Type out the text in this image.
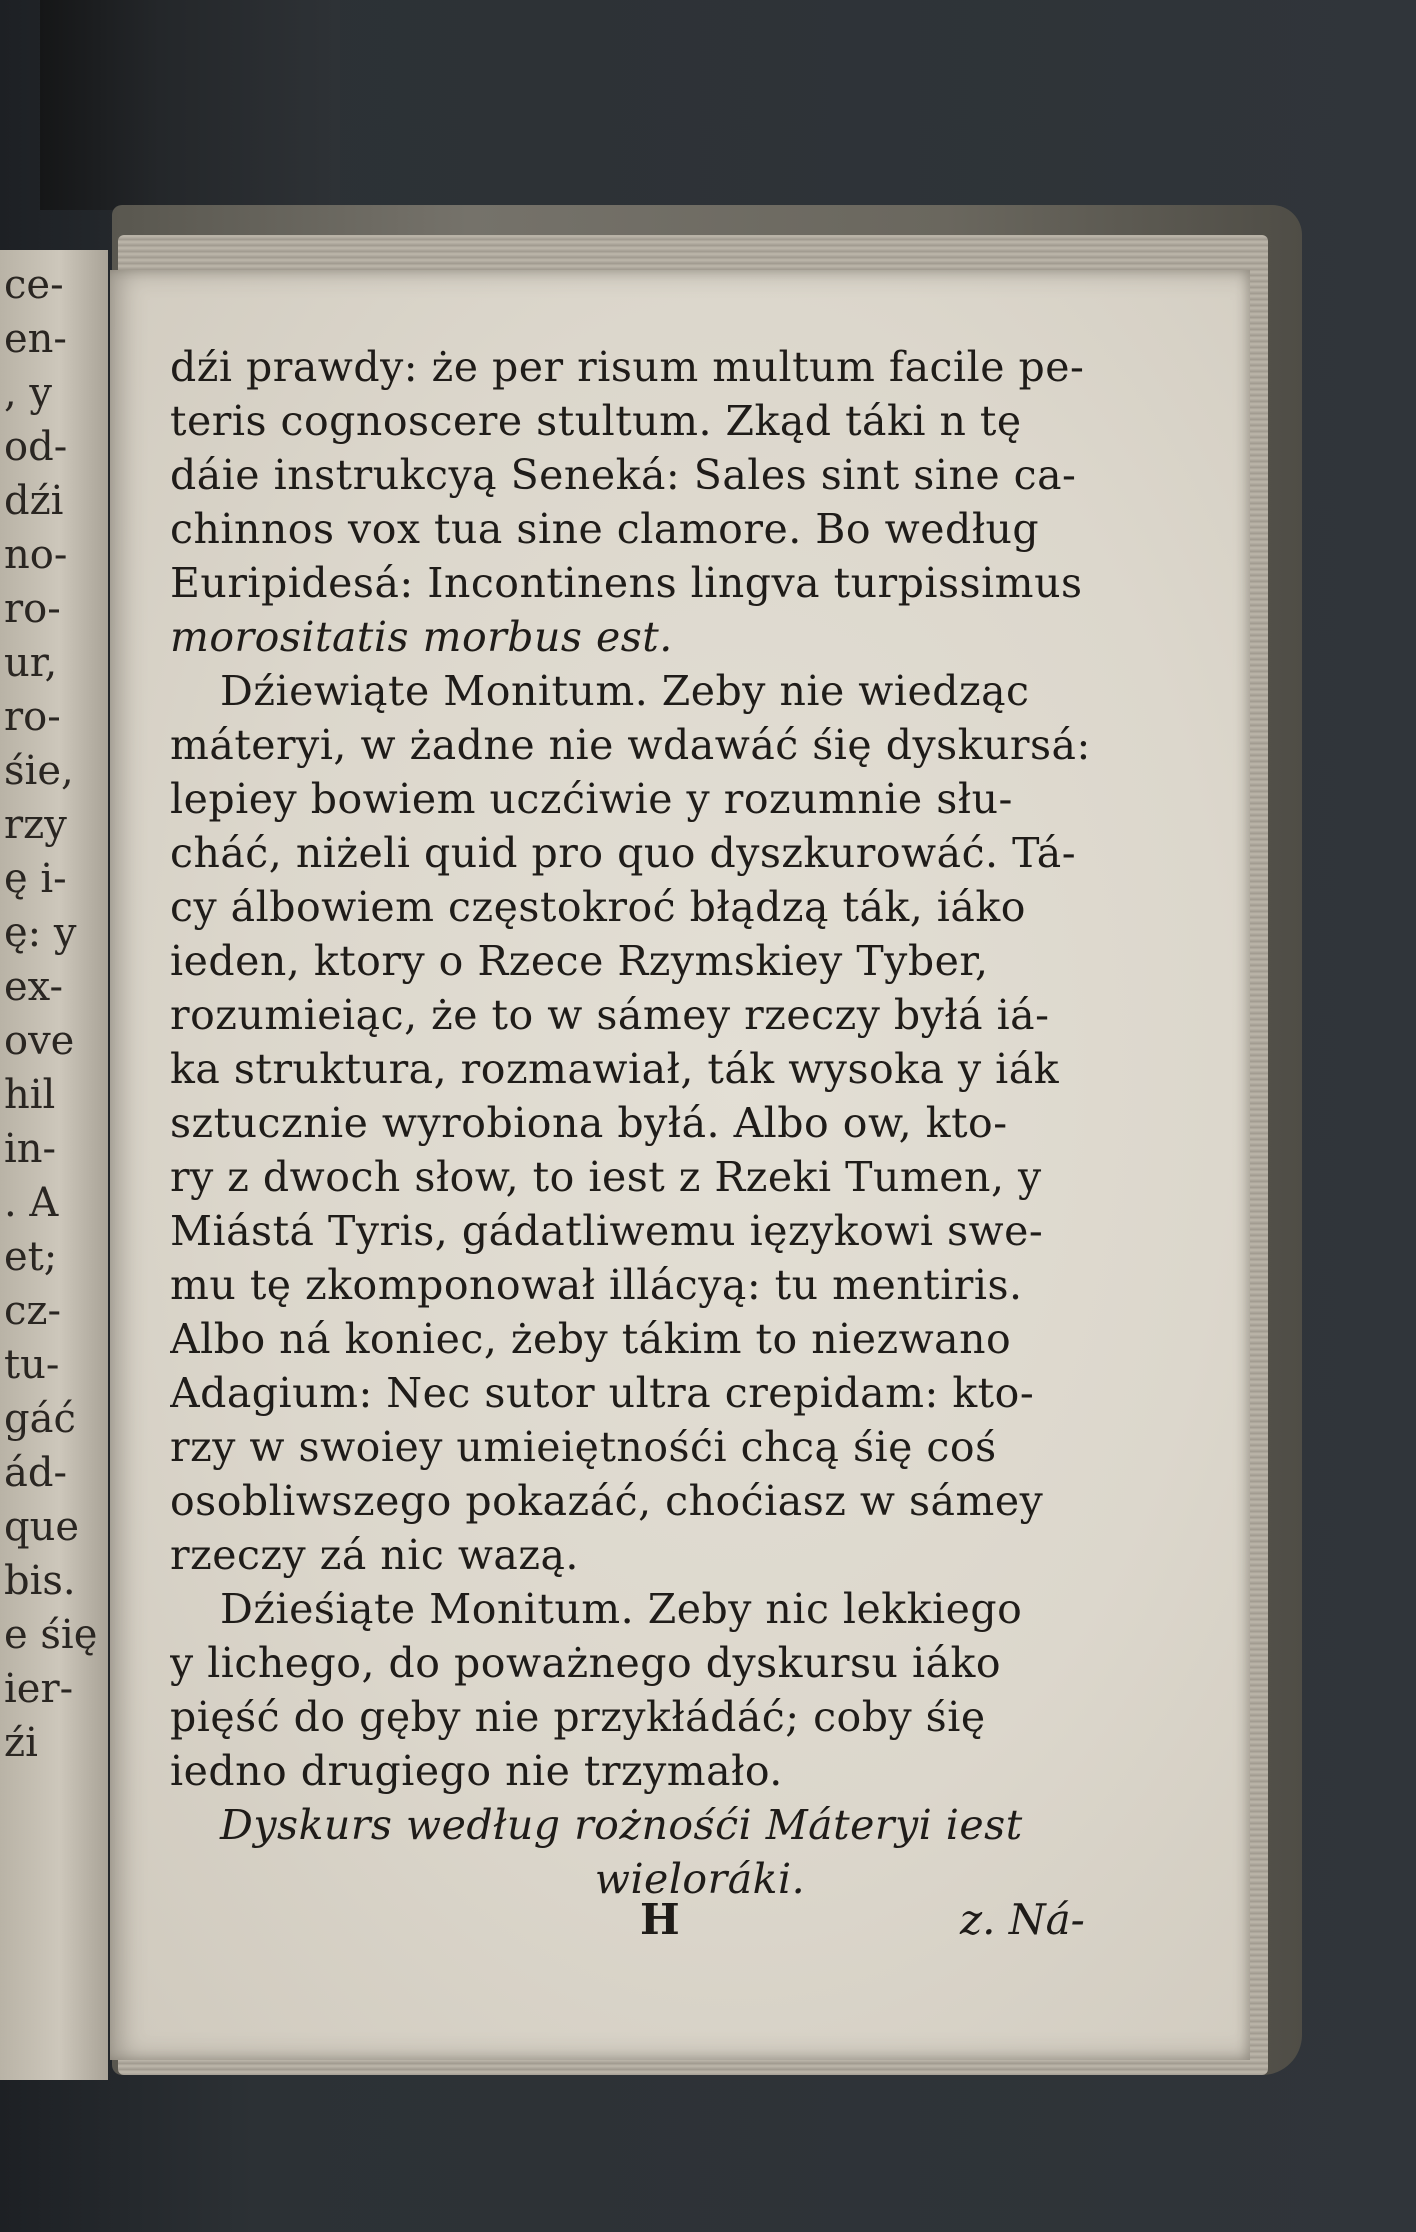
ce-
en-
, y
od-
dźi
no-
ro-
ur,
ro-
śie,
rzy
ę i-
ę: y
ex-
ove
hil
in-
. A
et;
cz-
tu-
gáć
ád-
que
bis.
e śię
ier-
źi
dźi prawdy: że per risum multum facile pe-
teris cognoscere stultum. Zkąd táki n tę
dáie instrukcyą Seneká: Sales sint sine ca-
chinnos vox tua sine clamore. Bo według
Euripidesá: Incontinens lingva turpissimus
morositatis morbus est.
Dźiewiąte Monitum. Zeby nie wiedząc
máteryi, w żadne nie wdawáć śię dyskursá:
lepiey bowiem uczćiwie y rozumnie słu-
cháć, niżeli quid pro quo dyszkurowáć. Tá-
cy álbowiem częstokroć błądzą ták, iáko
ieden, ktory o Rzece Rzymskiey Tyber,
rozumieiąc, że to w sámey rzeczy byłá iá-
ka struktura, rozmawiał, ták wysoka y iák
sztucznie wyrobiona byłá. Albo ow, kto-
ry z dwoch słow, to iest z Rzeki Tumen, y
Miástá Tyris, gádatliwemu ięzykowi swe-
mu tę zkomponował illácyą: tu mentiris.
Albo ná koniec, żeby tákim to niezwano
Adagium: Nec sutor ultra crepidam: kto-
rzy w swoiey umieiętnośći chcą śię coś
osobliwszego pokazáć, choćiasz w sámey
rzeczy zá nic wazą.
Dźieśiąte Monitum. Zeby nic lekkiego
y lichego, do poważnego dyskursu iáko
pięść do gęby nie przykłádáć; coby śię
iedno drugiego nie trzymało.
Dyskurs według rożnośći Máteryi iest
wieloráki.
H	z. Ná-
